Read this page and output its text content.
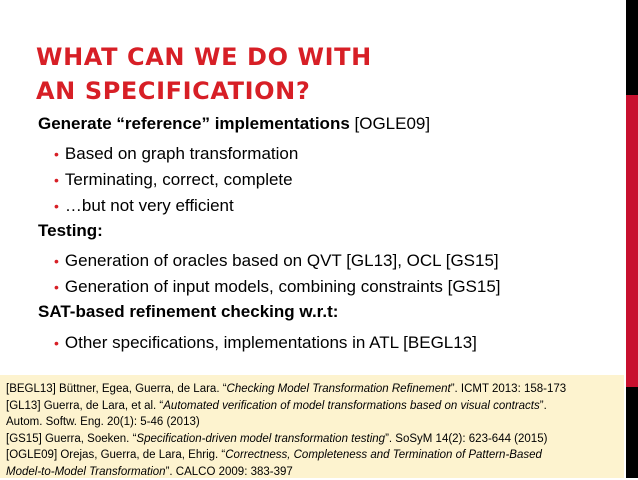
WHAT CAN WE DO WITH
AN SPECIFICATION?

Generate “reference” implementations [OGLE09]

• Based on graph transformation
• Terminating, correct, complete
• …but not very efficient

Testing:

• Generation of oracles based on QVT [GL13], OCL [GS15]
• Generation of input models, combining constraints [GS15]

SAT-based refinement checking w.r.t:

• Other specifications, implementations in ATL [BEGL13]
[BEGL13] Büttner, Egea, Guerra, de Lara. “Checking Model Transformation Refinement”. ICMT 2013: 158-173
[GL13] Guerra, de Lara, et al. “Automated verification of model transformations based on visual contracts”.
Autom. Softw. Eng. 20(1): 5-46 (2013)
[GS15] Guerra, Soeken. “Specification-driven model transformation testing”. SoSyM 14(2): 623-644 (2015)
[OGLE09] Orejas, Guerra, de Lara, Ehrig. “Correctness, Completeness and Termination of Pattern-Based
Model-to-Model Transformation”. CALCO 2009: 383-397
